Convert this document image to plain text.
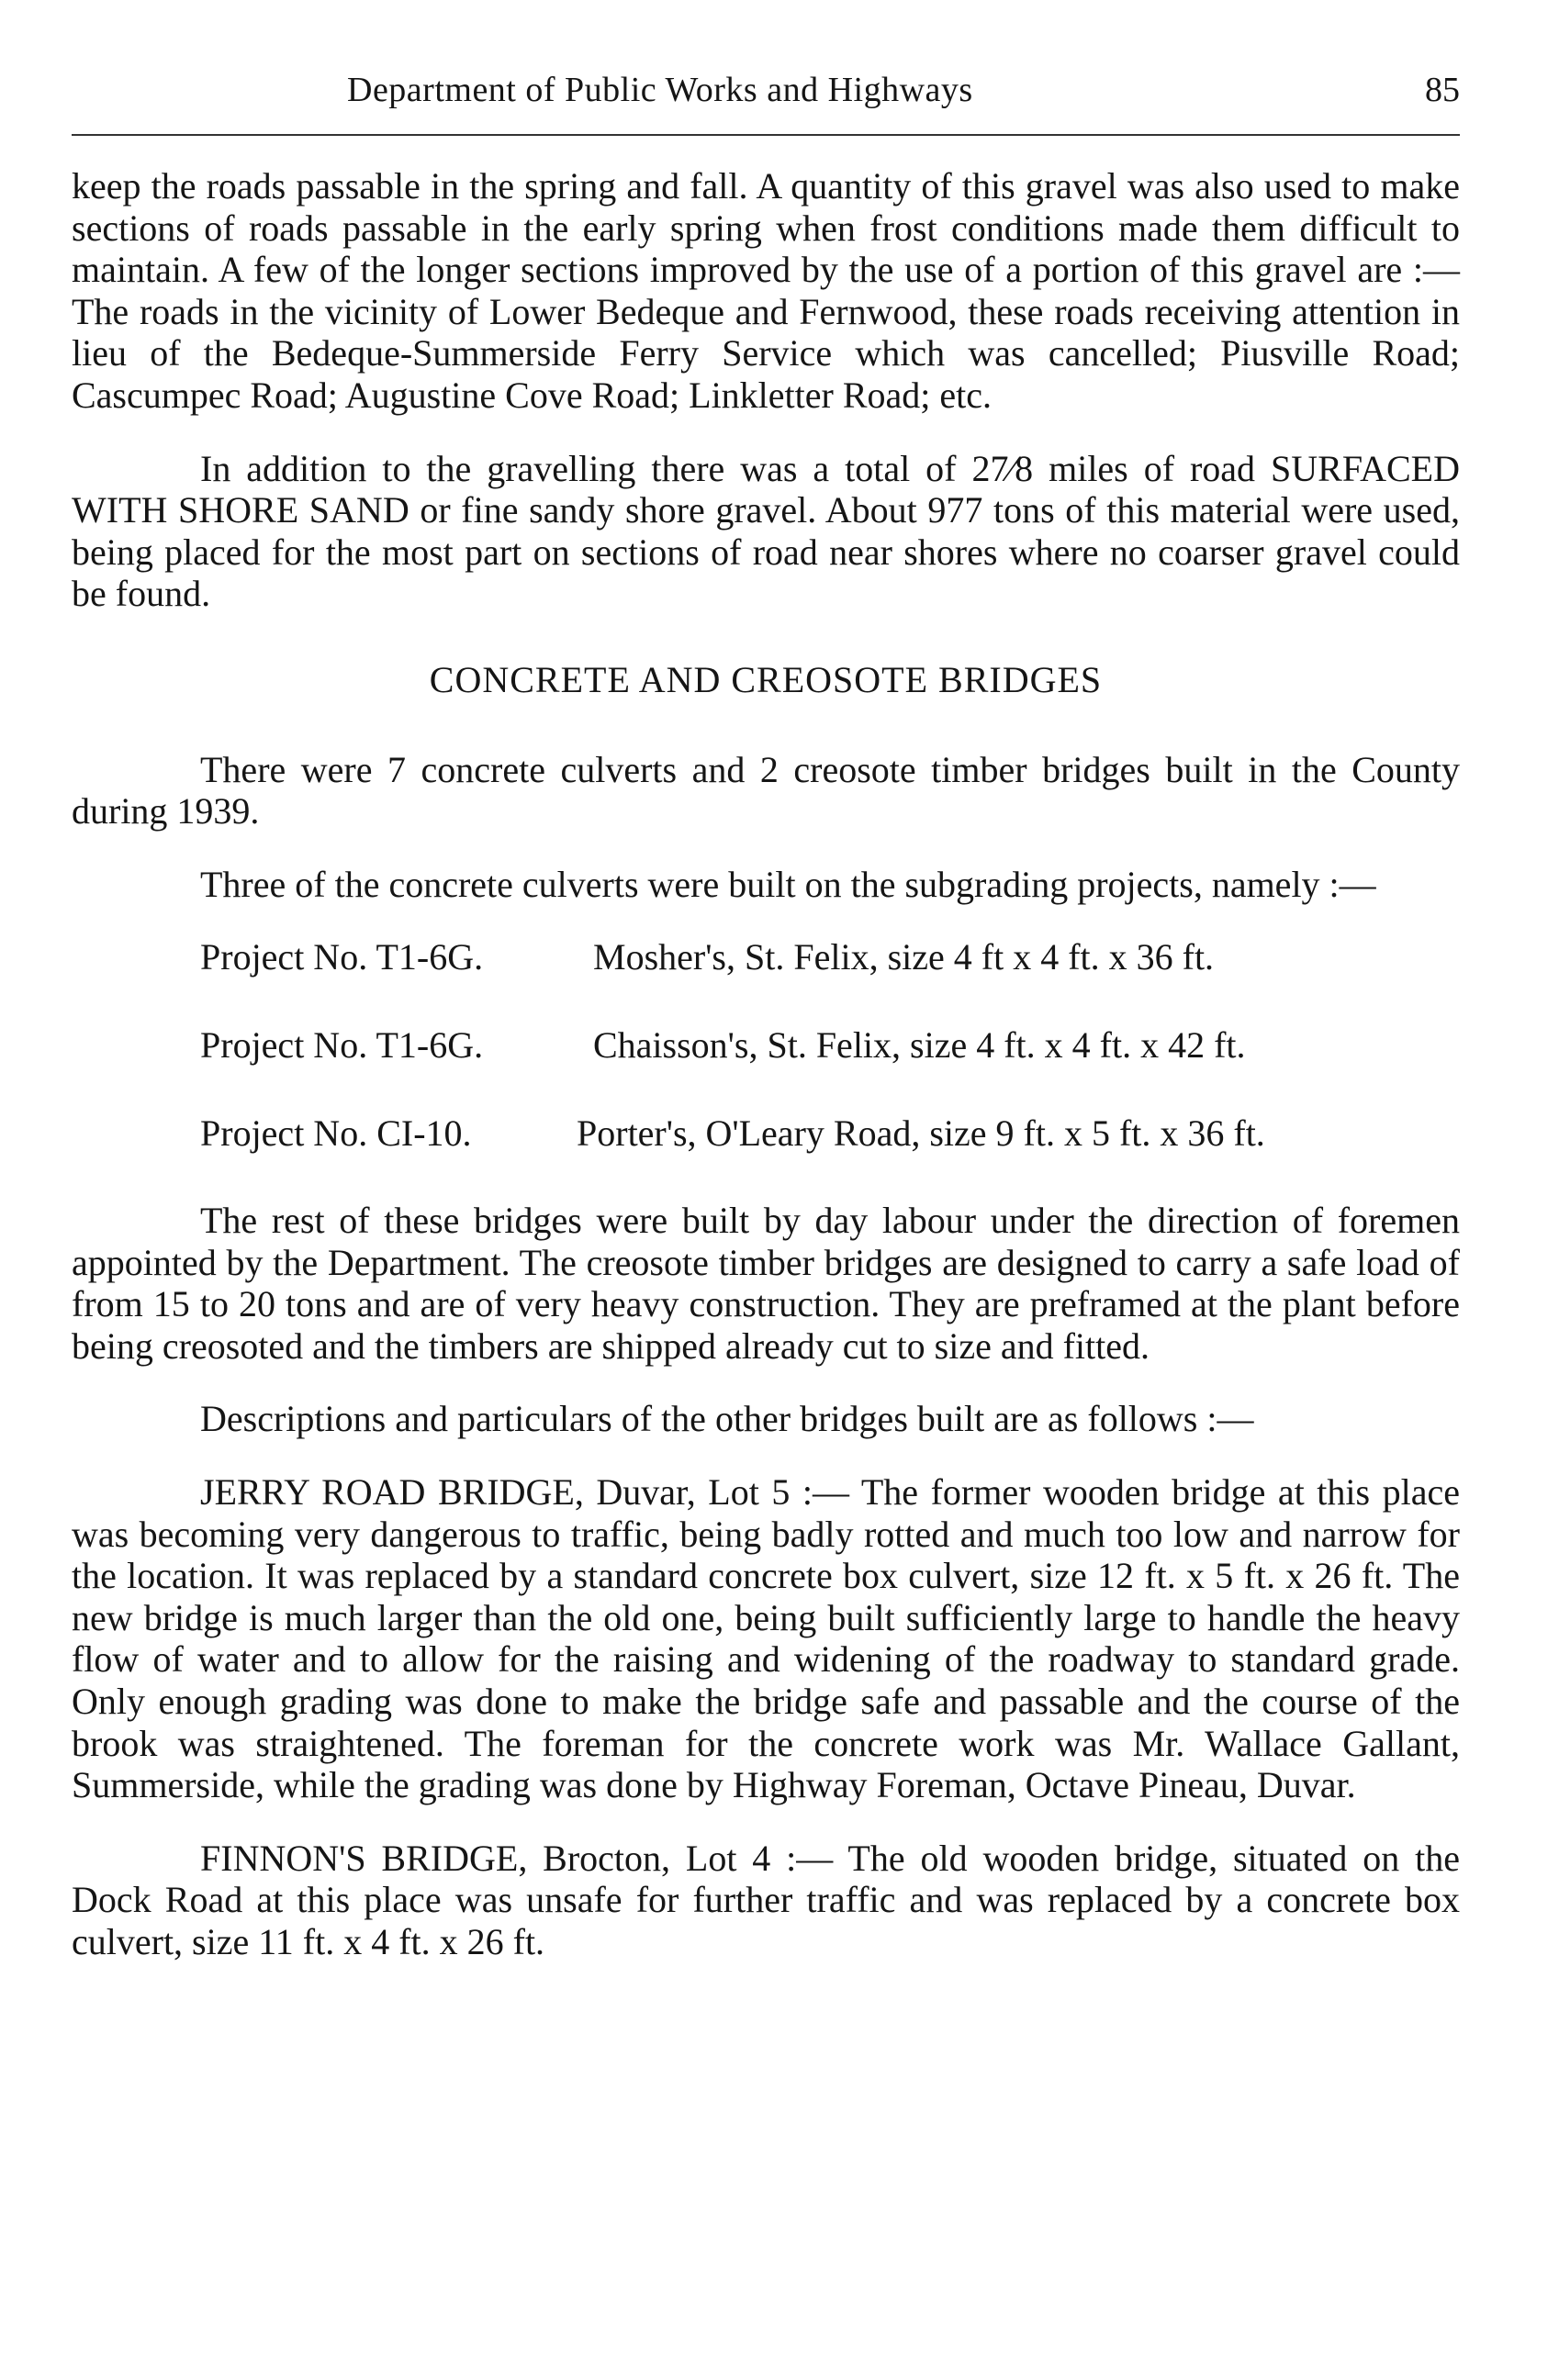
Department of Public Works and Highways	85

keep the roads passable in the spring and fall. A quantity of this gravel was also used to make sections of roads passable in the early spring when frost conditions made them difficult to maintain. A few of the longer sections improved by the use of a portion of this gravel are :— The roads in the vicinity of Lower Bedeque and Fernwood, these roads receiving attention in lieu of the Bedeque-Summerside Ferry Service which was cancelled; Piusville Road; Cascumpec Road; Augustine Cove Road; Linkletter Road; etc.

In addition to the gravelling there was a total of 27⁄8 miles of road SURFACED WITH SHORE SAND or fine sandy shore gravel. About 977 tons of this material were used, being placed for the most part on sections of road near shores where no coarser gravel could be found.

CONCRETE AND CREOSOTE BRIDGES

There were 7 concrete culverts and 2 creosote timber bridges built in the County during 1939.

Three of the concrete culverts were built on the subgrading projects, namely :—

Project No. T1-6G.	Mosher's, St. Felix, size 4 ft x 4 ft. x 36 ft.
Project No. T1-6G.	Chaisson's, St. Felix, size 4 ft. x 4 ft. x 42 ft.
Project No. CI-10.	Porter's, O'Leary Road, size 9 ft. x 5 ft. x 36 ft.

The rest of these bridges were built by day labour under the direction of foremen appointed by the Department. The creosote timber bridges are designed to carry a safe load of from 15 to 20 tons and are of very heavy construction. They are preframed at the plant before being creosoted and the timbers are shipped already cut to size and fitted.

Descriptions and particulars of the other bridges built are as follows :—

JERRY ROAD BRIDGE, Duvar, Lot 5 :— The former wooden bridge at this place was becoming very dangerous to traffic, being badly rotted and much too low and narrow for the location. It was replaced by a standard concrete box culvert, size 12 ft. x 5 ft. x 26 ft. The new bridge is much larger than the old one, being built sufficiently large to handle the heavy flow of water and to allow for the raising and widening of the roadway to standard grade. Only enough grading was done to make the bridge safe and passable and the course of the brook was straightened. The foreman for the concrete work was Mr. Wallace Gallant, Summerside, while the grading was done by Highway Foreman, Octave Pineau, Duvar.

FINNON'S BRIDGE, Brocton, Lot 4 :— The old wooden bridge, situated on the Dock Road at this place was unsafe for further traffic and was replaced by a concrete box culvert, size 11 ft. x 4 ft. x 26 ft.
